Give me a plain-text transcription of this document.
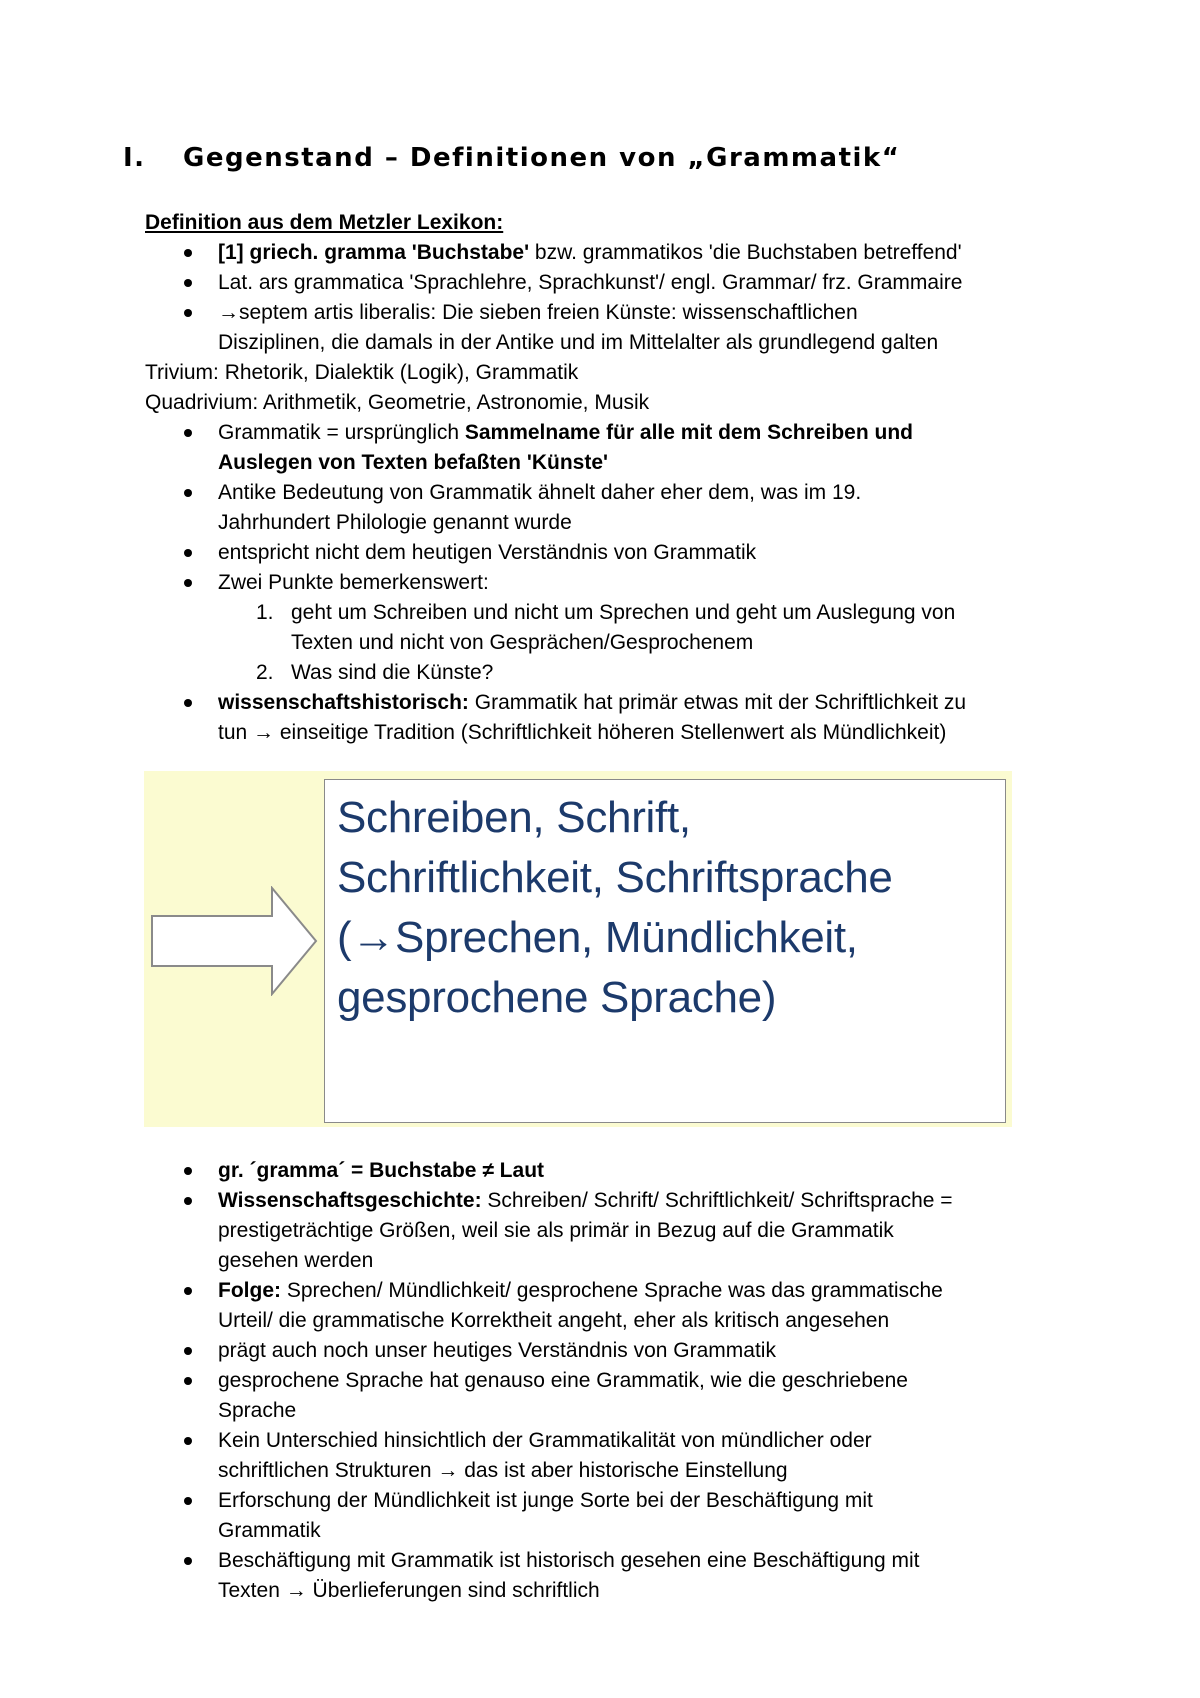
I. Gegenstand – Definitionen von „Grammatik“

Definition aus dem Metzler Lexikon:

[1] griech. gramma 'Buchstabe' bzw. grammatikos 'die Buchstaben betreffend'
Lat. ars grammatica 'Sprachlehre, Sprachkunst'/ engl. Grammar/ frz. Grammaire
→septem artis liberalis: Die sieben freien Künste: wissenschaftlichen
Disziplinen, die damals in der Antike und im Mittelalter als grundlegend galten

Trivium: Rhetorik, Dialektik (Logik), Grammatik

Quadrivium: Arithmetik, Geometrie, Astronomie, Musik

Grammatik = ursprünglich Sammelname für alle mit dem Schreiben und
Auslegen von Texten befaßten 'Künste'
Antike Bedeutung von Grammatik ähnelt daher eher dem, was im 19.
Jahrhundert Philologie genannt wurde
entspricht nicht dem heutigen Verständnis von Grammatik
Zwei Punkte bemerkenswert:
1. geht um Schreiben und nicht um Sprechen und geht um Auslegung von
Texten und nicht von Gesprächen/Gesprochenem
2. Was sind die Künste?
wissenschaftshistorisch: Grammatik hat primär etwas mit der Schriftlichkeit zu
tun → einseitige Tradition (Schriftlichkeit höheren Stellenwert als Mündlichkeit)

Schreiben, Schrift,

Schriftlichkeit, Schriftsprache

(→Sprechen, Mündlichkeit,

gesprochene Sprache)

gr. ´gramma´ = Buchstabe ≠ Laut
Wissenschaftsgeschichte: Schreiben/ Schrift/ Schriftlichkeit/ Schriftsprache =
prestigeträchtige Größen, weil sie als primär in Bezug auf die Grammatik
gesehen werden
Folge: Sprechen/ Mündlichkeit/ gesprochene Sprache was das grammatische
Urteil/ die grammatische Korrektheit angeht, eher als kritisch angesehen
prägt auch noch unser heutiges Verständnis von Grammatik
gesprochene Sprache hat genauso eine Grammatik, wie die geschriebene
Sprache
Kein Unterschied hinsichtlich der Grammatikalität von mündlicher oder
schriftlichen Strukturen → das ist aber historische Einstellung
Erforschung der Mündlichkeit ist junge Sorte bei der Beschäftigung mit
Grammatik
Beschäftigung mit Grammatik ist historisch gesehen eine Beschäftigung mit
Texten → Überlieferungen sind schriftlich
